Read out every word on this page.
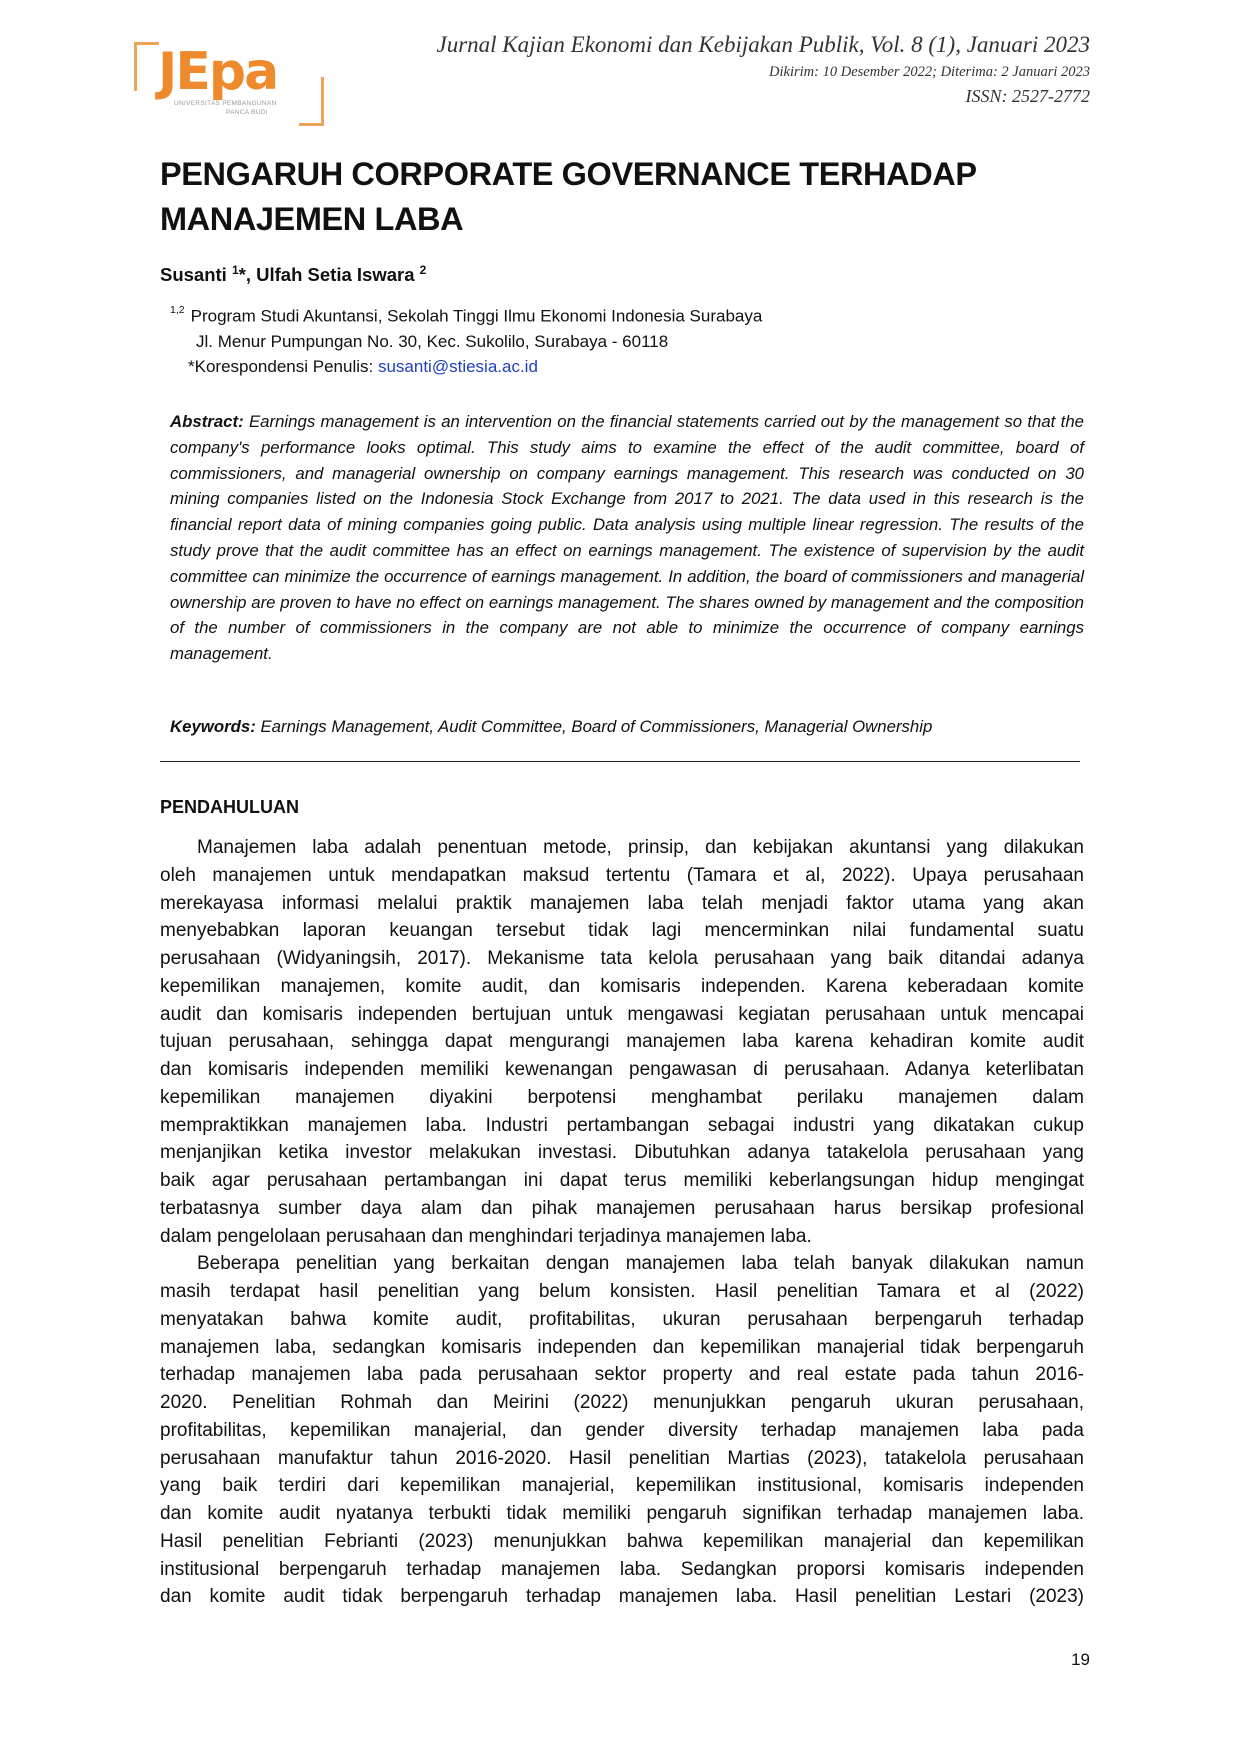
JEpa
UNIVERSITAS PEMBANGUNAN
PANCA BUDI
Jurnal Kajian Ekonomi dan Kebijakan Publik, Vol. 8 (1), Januari 2023
Dikirim: 10 Desember 2022; Diterima: 2 Januari 2023
ISSN: 2527-2772
PENGARUH CORPORATE GOVERNANCE TERHADAP
MANAJEMEN LABA
Susanti $^1$*, Ulfah Setia Iswara $^2$
$^{1,2}$ Program Studi Akuntansi, Sekolah Tinggi Ilmu Ekonomi Indonesia Surabaya
Jl. Menur Pumpungan No. 30, Kec. Sukolilo, Surabaya - 60118
*Korespondensi Penulis: susanti@stiesia.ac.id
Abstract: Earnings management is an intervention on the financial statements carried out by the management so that the company's performance looks optimal. This study aims to examine the effect of the audit committee, board of commissioners, and managerial ownership on company earnings management. This research was conducted on 30 mining companies listed on the Indonesia Stock Exchange from 2017 to 2021. The data used in this research is the financial report data of mining companies going public. Data analysis using multiple linear regression. The results of the study prove that the audit committee has an effect on earnings management. The existence of supervision by the audit committee can minimize the occurrence of earnings management. In addition, the board of commissioners and managerial ownership are proven to have no effect on earnings management. The shares owned by management and the composition of the number of commissioners in the company are not able to minimize the occurrence of company earnings management.
Keywords: Earnings Management, Audit Committee, Board of Commissioners, Managerial Ownership
PENDAHULUAN
Manajemen laba adalah penentuan metode, prinsip, dan kebijakan akuntansi yang dilakukan
oleh manajemen untuk mendapatkan maksud tertentu (Tamara et al, 2022). Upaya perusahaan
merekayasa informasi melalui praktik manajemen laba telah menjadi faktor utama yang akan
menyebabkan laporan keuangan tersebut tidak lagi mencerminkan nilai fundamental suatu
perusahaan (Widyaningsih, 2017). Mekanisme tata kelola perusahaan yang baik ditandai adanya
kepemilikan manajemen, komite audit, dan komisaris independen. Karena keberadaan komite
audit dan komisaris independen bertujuan untuk mengawasi kegiatan perusahaan untuk mencapai
tujuan perusahaan, sehingga dapat mengurangi manajemen laba karena kehadiran komite audit
dan komisaris independen memiliki kewenangan pengawasan di perusahaan. Adanya keterlibatan
kepemilikan manajemen diyakini berpotensi menghambat perilaku manajemen dalam
mempraktikkan manajemen laba. Industri pertambangan sebagai industri yang dikatakan cukup
menjanjikan ketika investor melakukan investasi. Dibutuhkan adanya tatakelola perusahaan yang
baik agar perusahaan pertambangan ini dapat terus memiliki keberlangsungan hidup mengingat
terbatasnya sumber daya alam dan pihak manajemen perusahaan harus bersikap profesional
dalam pengelolaan perusahaan dan menghindari terjadinya manajemen laba.
Beberapa penelitian yang berkaitan dengan manajemen laba telah banyak dilakukan namun
masih terdapat hasil penelitian yang belum konsisten. Hasil penelitian Tamara et al (2022)
menyatakan bahwa komite audit, profitabilitas, ukuran perusahaan berpengaruh terhadap
manajemen laba, sedangkan komisaris independen dan kepemilikan manajerial tidak berpengaruh
terhadap manajemen laba pada perusahaan sektor property and real estate pada tahun 2016-
2020. Penelitian Rohmah dan Meirini (2022) menunjukkan pengaruh ukuran perusahaan,
profitabilitas, kepemilikan manajerial, dan gender diversity terhadap manajemen laba pada
perusahaan manufaktur tahun 2016-2020. Hasil penelitian Martias (2023), tatakelola perusahaan
yang baik terdiri dari kepemilikan manajerial, kepemilikan institusional, komisaris independen
dan komite audit nyatanya terbukti tidak memiliki pengaruh signifikan terhadap manajemen laba.
Hasil penelitian Febrianti (2023) menunjukkan bahwa kepemilikan manajerial dan kepemilikan
institusional berpengaruh terhadap manajemen laba. Sedangkan proporsi komisaris independen
dan komite audit tidak berpengaruh terhadap manajemen laba. Hasil penelitian Lestari (2023)
19
